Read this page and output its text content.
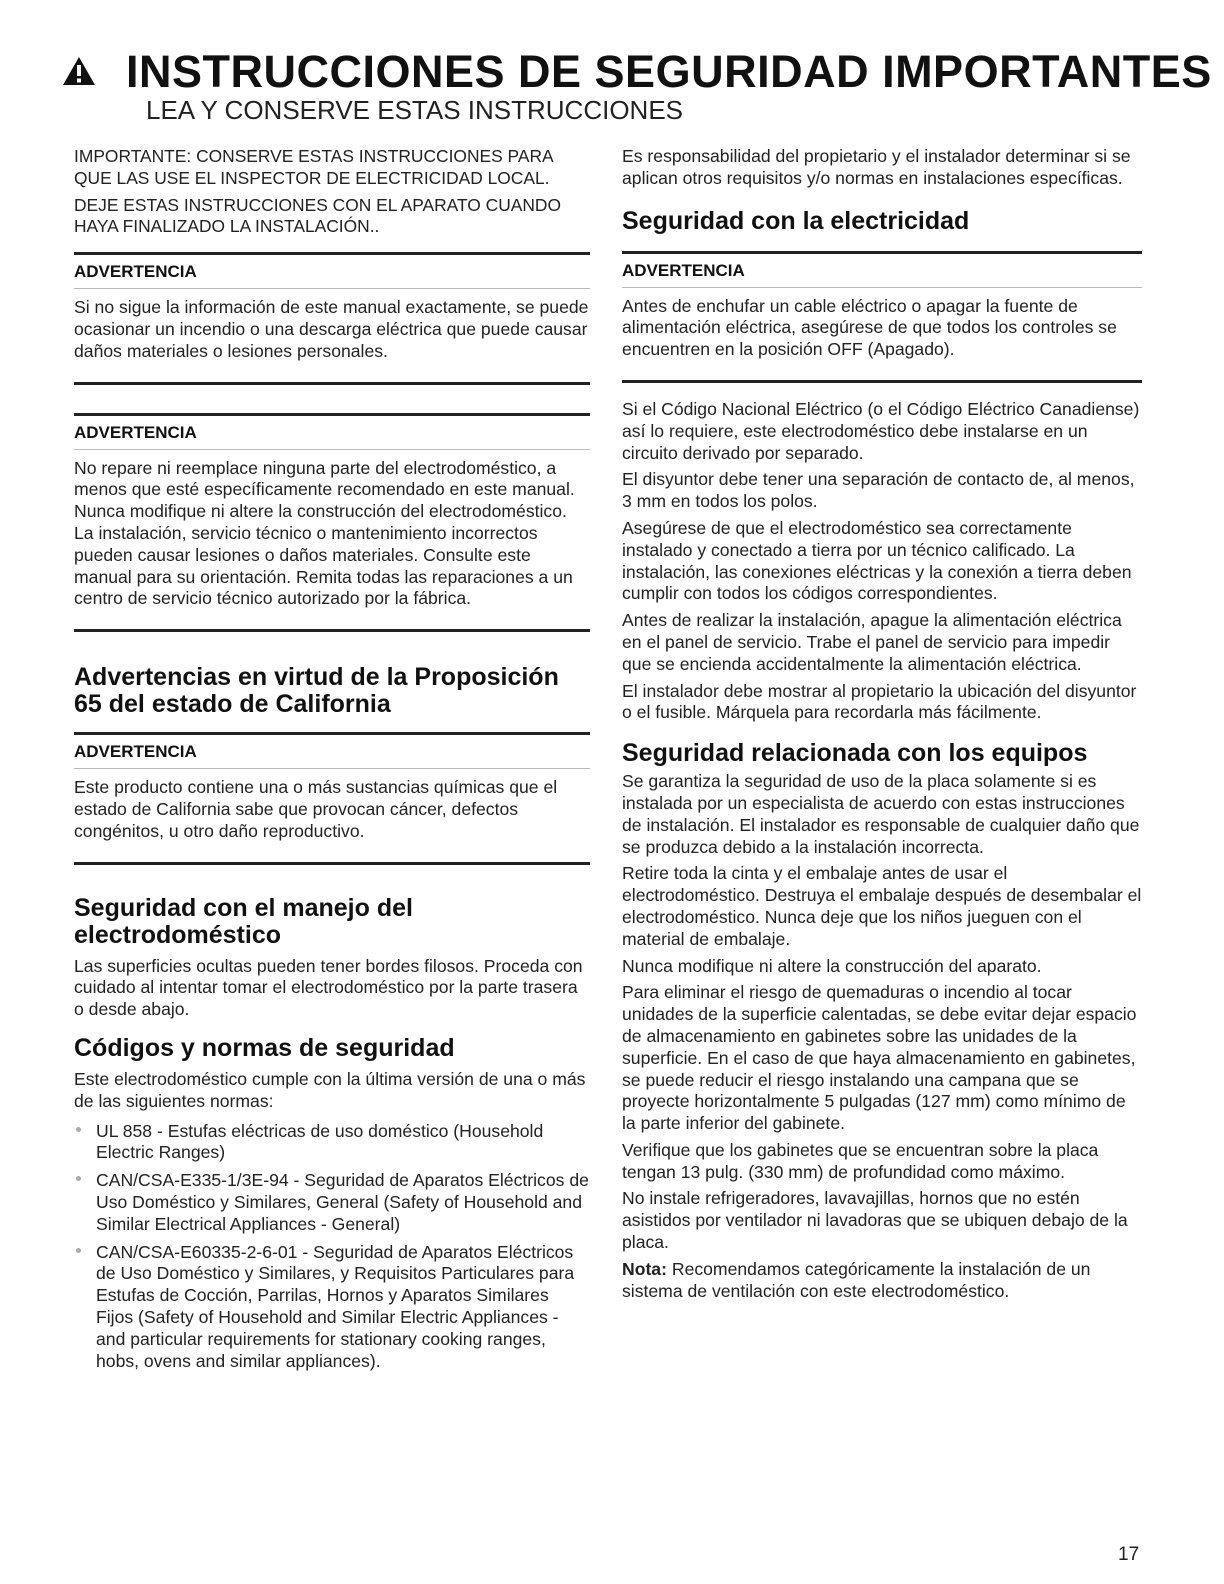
INSTRUCCIONES DE SEGURIDAD IMPORTANTES
LEA Y CONSERVE ESTAS INSTRUCCIONES

IMPORTANTE: CONSERVE ESTAS INSTRUCCIONES PARA QUE LAS USE EL INSPECTOR DE ELECTRICIDAD LOCAL.

DEJE ESTAS INSTRUCCIONES CON EL APARATO CUANDO HAYA FINALIZADO LA INSTALACIÓN..

ADVERTENCIA

Si no sigue la información de este manual exactamente, se puede ocasionar un incendio o una descarga eléctrica que puede causar daños materiales o lesiones personales.

ADVERTENCIA

No repare ni reemplace ninguna parte del electrodoméstico, a menos que esté específicamente recomendado en este manual. Nunca modifique ni altere la construcción del electrodoméstico. La instalación, servicio técnico o mantenimiento incorrectos pueden causar lesiones o daños materiales. Consulte este manual para su orientación. Remita todas las reparaciones a un centro de servicio técnico autorizado por la fábrica.

Advertencias en virtud de la Proposición 65 del estado de California
ADVERTENCIA

Este producto contiene una o más sustancias químicas que el estado de California sabe que provocan cáncer, defectos congénitos, u otro daño reproductivo.

Seguridad con el manejo del electrodoméstico

Las superficies ocultas pueden tener bordes filosos. Proceda con cuidado al intentar tomar el electrodoméstico por la parte trasera o desde abajo.

Códigos y normas de seguridad

Este electrodoméstico cumple con la última versión de una o más de las siguientes normas:

UL 858 - Estufas eléctricas de uso doméstico (Household Electric Ranges)
CAN/CSA-E335-1/3E-94 - Seguridad de Aparatos Eléctricos de Uso Doméstico y Similares, General (Safety of Household and Similar Electrical Appliances - General)
CAN/CSA-E60335-2-6-01 - Seguridad de Aparatos Eléctricos de Uso Doméstico y Similares, y Requisitos Particulares para Estufas de Cocción, Parrilas, Hornos y Aparatos Similares Fijos (Safety of Household and Similar Electric Appliances - and particular requirements for stationary cooking ranges, hobs, ovens and similar appliances).

Es responsabilidad del propietario y el instalador determinar si se aplican otros requisitos y/o normas en instalaciones específicas.

Seguridad con la electricidad
ADVERTENCIA

Antes de enchufar un cable eléctrico o apagar la fuente de alimentación eléctrica, asegúrese de que todos los controles se encuentren en la posición OFF (Apagado).

Si el Código Nacional Eléctrico (o el Código Eléctrico Canadiense) así lo requiere, este electrodoméstico debe instalarse en un circuito derivado por separado.

El disyuntor debe tener una separación de contacto de, al menos, 3 mm en todos los polos.

Asegúrese de que el electrodoméstico sea correctamente instalado y conectado a tierra por un técnico calificado. La instalación, las conexiones eléctricas y la conexión a tierra deben cumplir con todos los códigos correspondientes.

Antes de realizar la instalación, apague la alimentación eléctrica en el panel de servicio. Trabe el panel de servicio para impedir que se encienda accidentalmente la alimentación eléctrica.

El instalador debe mostrar al propietario la ubicación del disyuntor o el fusible. Márquela para recordarla más fácilmente.

Seguridad relacionada con los equipos

Se garantiza la seguridad de uso de la placa solamente si es instalada por un especialista de acuerdo con estas instrucciones de instalación. El instalador es responsable de cualquier daño que se produzca debido a la instalación incorrecta.

Retire toda la cinta y el embalaje antes de usar el electrodoméstico. Destruya el embalaje después de desembalar el electrodoméstico. Nunca deje que los niños jueguen con el material de embalaje.

Nunca modifique ni altere la construcción del aparato.

Para eliminar el riesgo de quemaduras o incendio al tocar unidades de la superficie calentadas, se debe evitar dejar espacio de almacenamiento en gabinetes sobre las unidades de la superficie. En el caso de que haya almacenamiento en gabinetes, se puede reducir el riesgo instalando una campana que se proyecte horizontalmente 5 pulgadas (127 mm) como mínimo de la parte inferior del gabinete.

Verifique que los gabinetes que se encuentran sobre la placa tengan 13 pulg. (330 mm) de profundidad como máximo.

No instale refrigeradores, lavavajillas, hornos que no estén asistidos por ventilador ni lavadoras que se ubiquen debajo de la placa.

Nota: Recomendamos categóricamente la instalación de un sistema de ventilación con este electrodoméstico.

17
